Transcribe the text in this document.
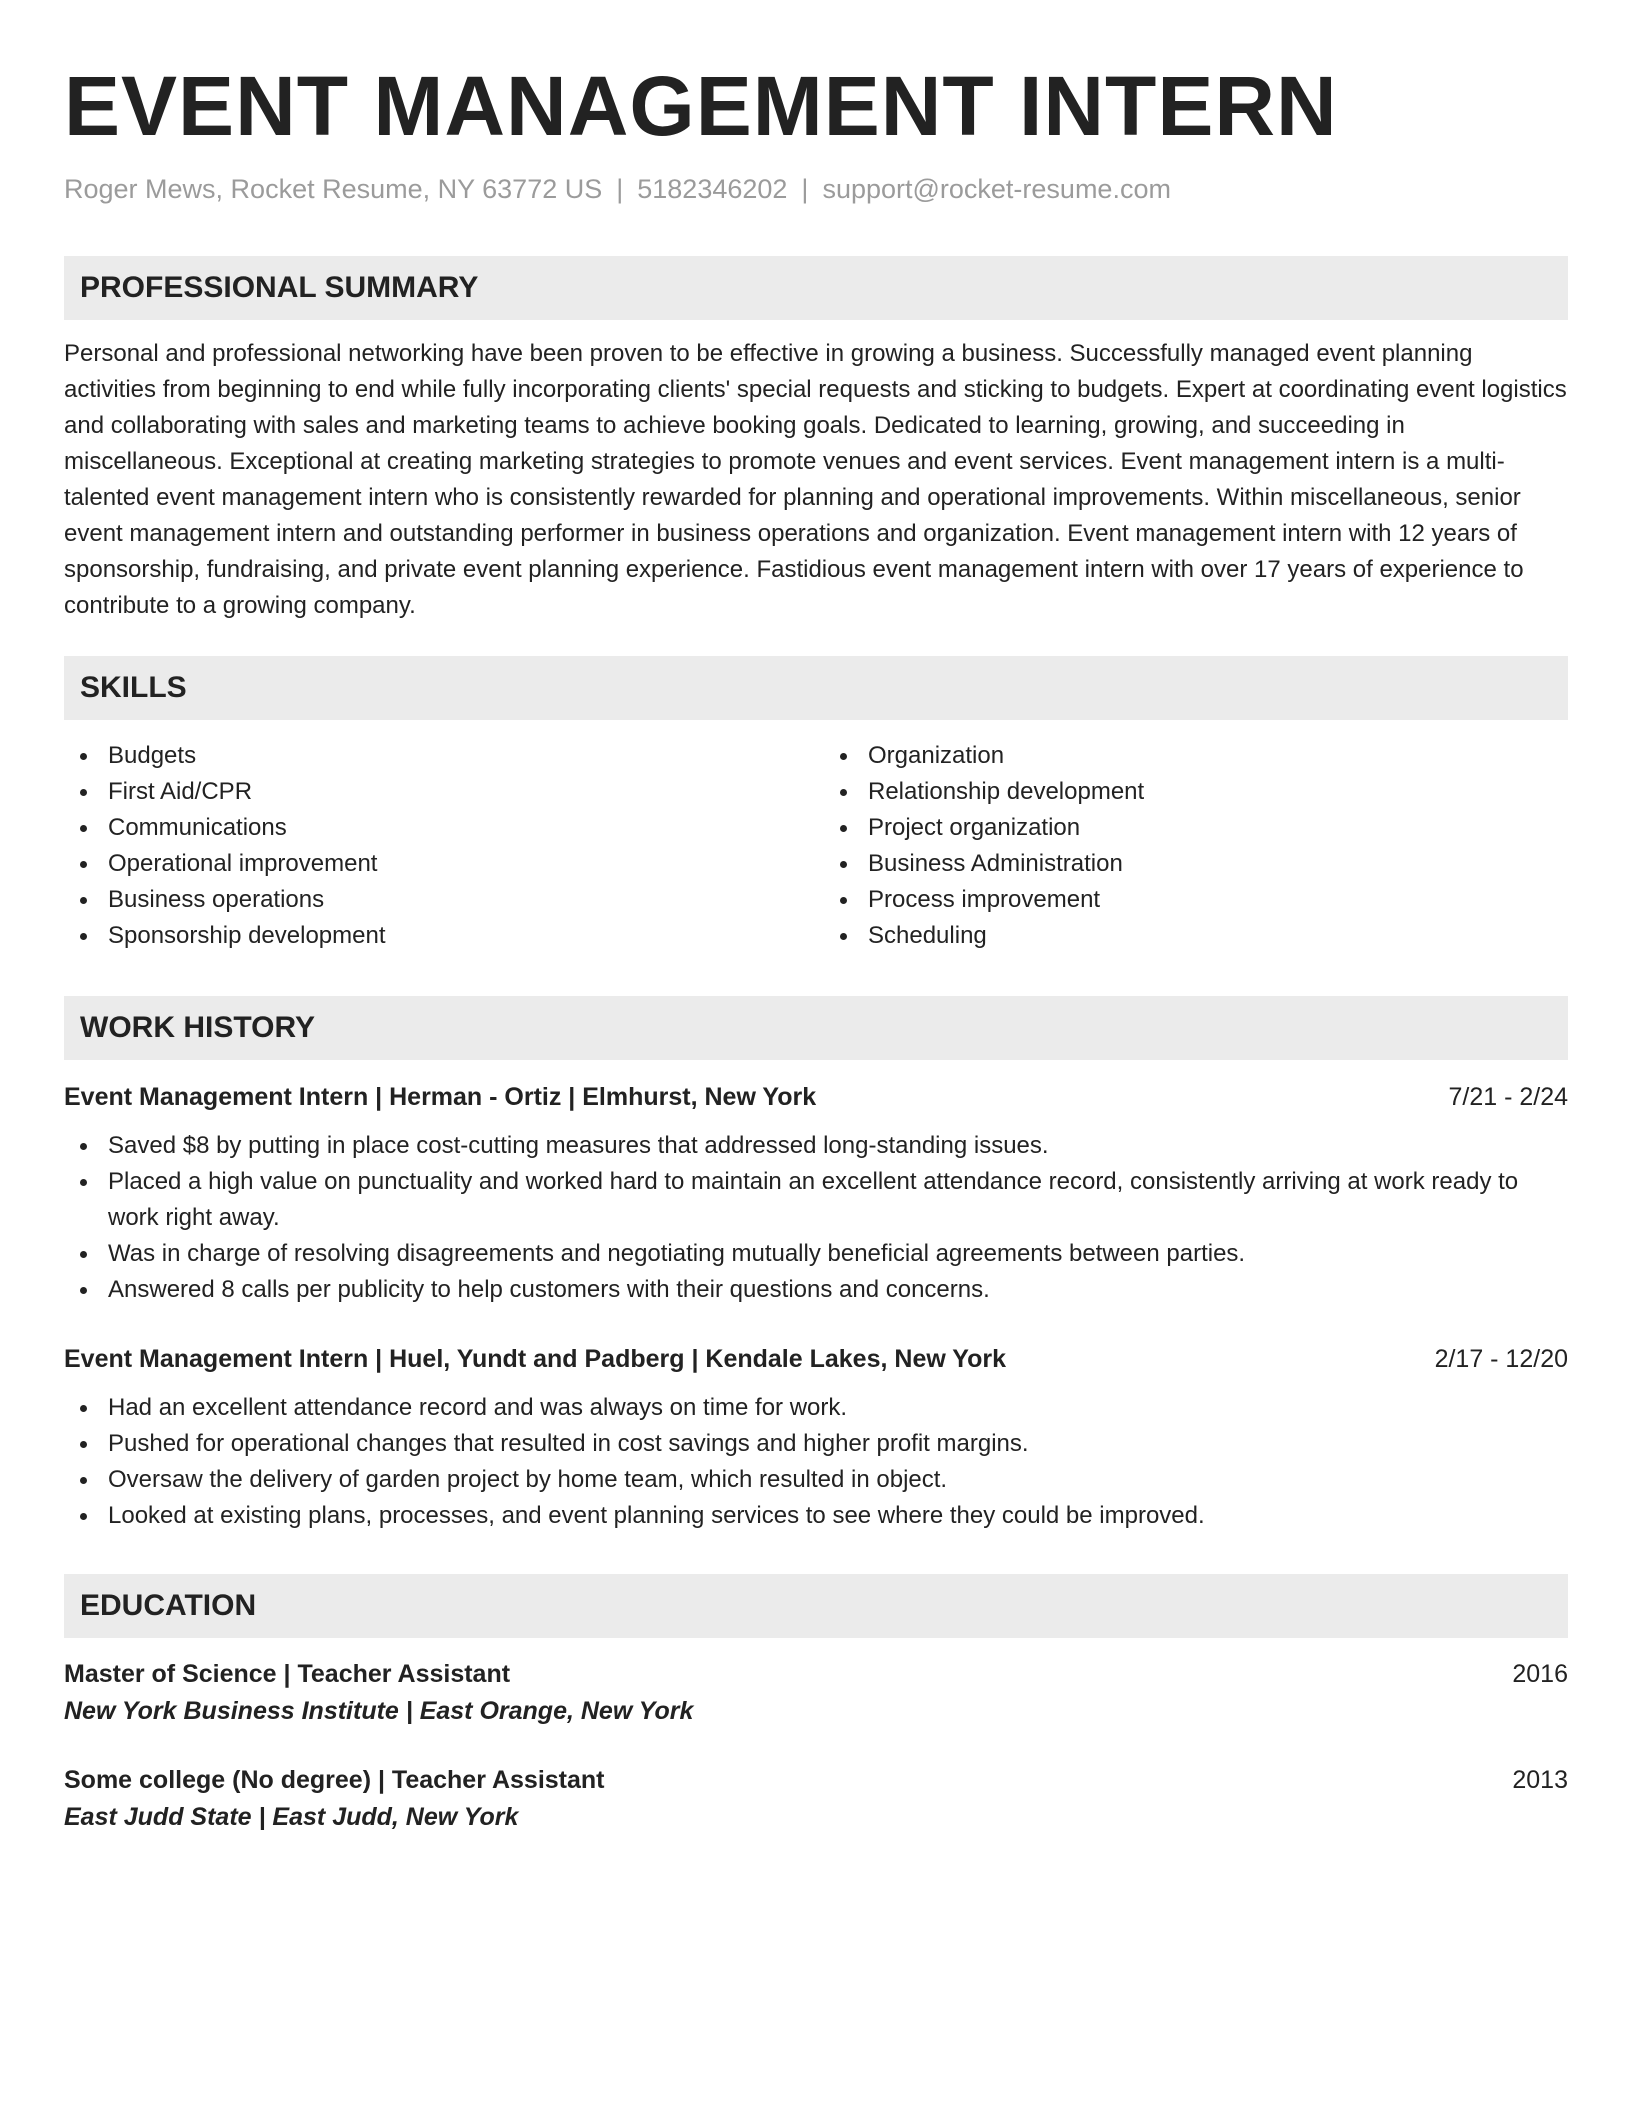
EVENT MANAGEMENT INTERN
Roger Mews, Rocket Resume, NY 63772 US | 5182346202 | support@rocket-resume.com
PROFESSIONAL SUMMARY

Personal and professional networking have been proven to be effective in growing a business. Successfully managed event planning activities from beginning to end while fully incorporating clients' special requests and sticking to budgets. Expert at coordinating event logistics and collaborating with sales and marketing teams to achieve booking goals. Dedicated to learning, growing, and succeeding in miscellaneous. Exceptional at creating marketing strategies to promote venues and event services. Event management intern is a multi-talented event management intern who is consistently rewarded for planning and operational improvements. Within miscellaneous, senior event management intern and outstanding performer in business operations and organization. Event management intern with 12 years of sponsorship, fundraising, and private event planning experience. Fastidious event management intern with over 17 years of experience to contribute to a growing company.

SKILLS
Budgets
First Aid/CPR
Communications
Operational improvement
Business operations
Sponsorship development
Organization
Relationship development
Project organization
Business Administration
Process improvement
Scheduling
WORK HISTORY
Event Management Intern | Herman - Ortiz | Elmhurst, New York	7/21 - 2/24
Saved $8 by putting in place cost-cutting measures that addressed long-standing issues.
Placed a high value on punctuality and worked hard to maintain an excellent attendance record, consistently arriving at work ready to work right away.
Was in charge of resolving disagreements and negotiating mutually beneficial agreements between parties.
Answered 8 calls per publicity to help customers with their questions and concerns.
Event Management Intern | Huel, Yundt and Padberg | Kendale Lakes, New York	2/17 - 12/20
Had an excellent attendance record and was always on time for work.
Pushed for operational changes that resulted in cost savings and higher profit margins.
Oversaw the delivery of garden project by home team, which resulted in object.
Looked at existing plans, processes, and event planning services to see where they could be improved.
EDUCATION
Master of Science | Teacher Assistant	2016
New York Business Institute | East Orange, New York
Some college (No degree) | Teacher Assistant	2013
East Judd State | East Judd, New York
